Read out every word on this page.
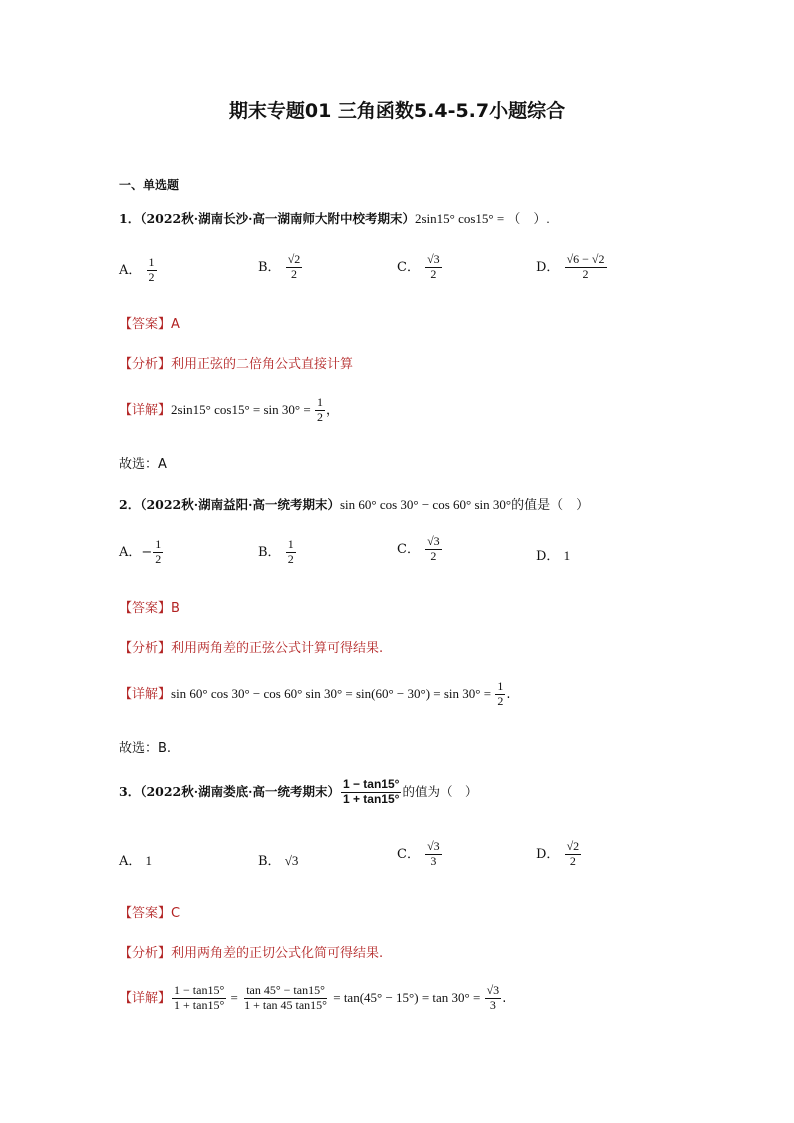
期末专题01 三角函数5.4-5.7小题综合
一、单选题
1．（2022秋·湖南长沙·高一湖南师大附中校考期末）2sin15° cos15° = （　）.
A． $\frac{1}{2}$	B． $\frac{√2}{2}$	C． $\frac{√3}{2}$	D． $\frac{√6 - √2}{2}$
【答案】A
【分析】利用正弦的二倍角公式直接计算
【详解】2sin15° $\cos 15^\circ = \sin 30^\circ = \frac{1}{2}$ ，
故选：A
2．（2022秋·湖南益阳·高一统考期末）sin 60° cos 30° − cos 60° sin 30°的值是（　）
A．− $\frac{1}{2}$	B． $\frac{1}{2}$	C． $\frac{√3}{2}$	D． 1
【答案】B
【分析】利用两角差的正弦公式计算可得结果.
【详解】sin 60° cos 30° − cos 60° $\sin 30^\circ = \sin(60^\circ - 30^\circ) = \sin 30^\circ = \frac{1}{2}$ .
故选：B.
3．（2022秋·湖南娄底·高一统考期末） $\frac{1 - \tan 15^\circ}{1 + \tan 15^\circ}$ 的值为（　）
A． 1	B． √3	C． $\frac{√3}{3}$	D． $\frac{√2}{2}$
【答案】C
【分析】利用两角差的正切公式化简可得结果.
【详解】 $\frac{1 - \tan 15^\circ}{1 + \tan 15^\circ} = \frac{\tan 45^\circ - \tan 15^\circ}{1 + \tan 45 \tan 15^\circ} = \tan(45^\circ - 15^\circ) = \tan 30^\circ = \frac{√3}{3}$ .
